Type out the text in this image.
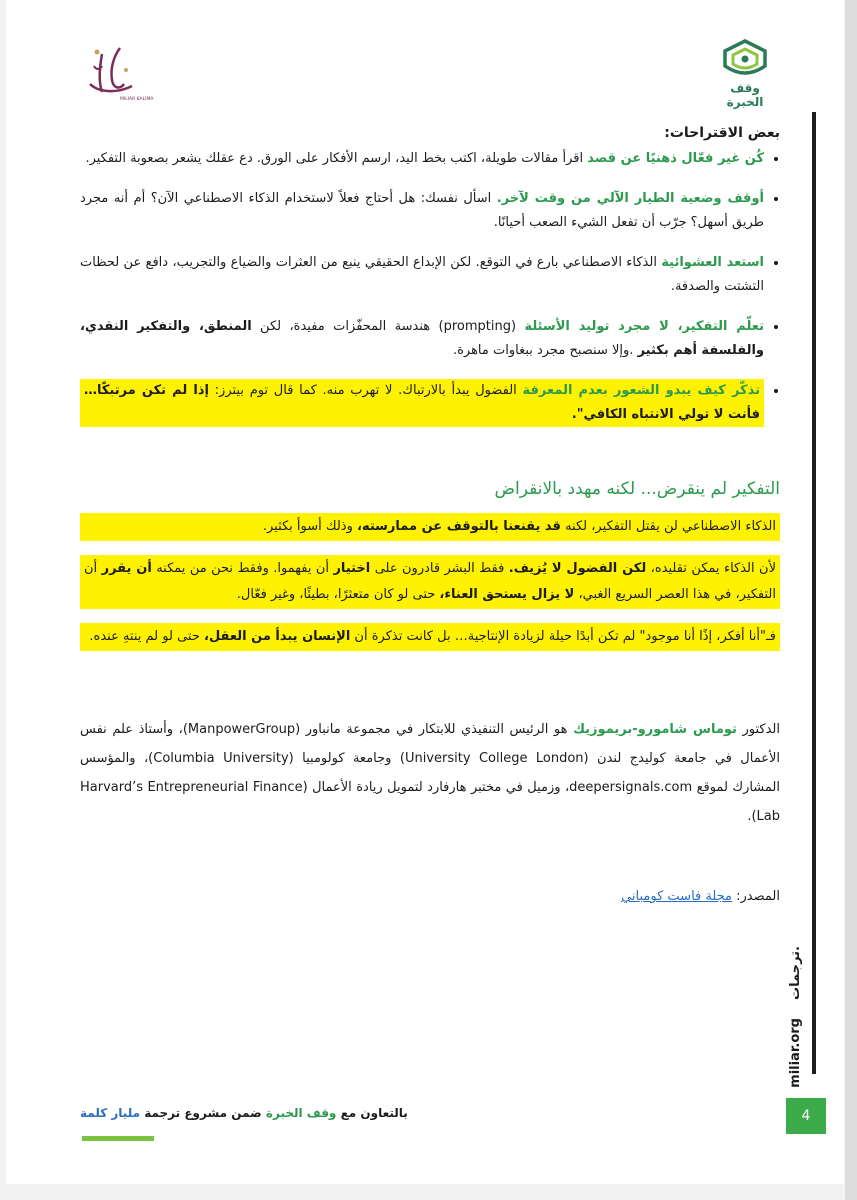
MILIAR KALIMA
وقف الخبرة
بعض الاقتراحات:
• كُن غير فعّال ذهنيًا عن قصد اقرأ مقالات طويلة، اكتب بخط اليد، ارسم الأفكار على الورق. دع عقلك يشعر بصعوبة التفكير.
• أوقف وضعية الطيار الآلي من وقت لآخر. اسأل نفسك: هل أحتاج فعلاً لاستخدام الذكاء الاصطناعي الآن؟ أم أنه مجرد طريق أسهل؟ جرّب أن تفعل الشيء الصعب أحيانًا.
• استعد العشوائية الذكاء الاصطناعي بارع في التوقع. لكن الإبداع الحقيقي ينبع من العثرات والضياع والتجريب، دافع عن لحظات التشتت والصدفة.
• تعلّم التفكير، لا مجرد توليد الأسئلة (prompting) هندسة المحفّزات مفيدة، لكن المنطق، والتفكير النقدي، والفلسفة أهم بكثير .وإلا سنصبح مجرد ببغاوات ماهرة.
• تذكّر كيف يبدو الشعور بعدم المعرفة الفضول يبدأ بالارتباك. لا تهرب منه. كما قال توم بيترز: إذا لم تكن مرتبكًا… فأنت لا تولي الانتباه الكافي".
التفكير لم ينقرض... لكنه مهدد بالانقراض

الذكاء الاصطناعي لن يقتل التفكير، لكنه قد يقنعنا بالتوقف عن ممارسته، وذلك أسوأ بكثير.

لأن الذكاء يمكن تقليده، لكن الفضول لا يُزيف. فقط البشر قادرون على اختيار أن يفهموا. وفقط نحن من يمكنه أن يقرر أن التفكير، في هذا العصر السريع الغبي، لا يزال يستحق العناء، حتى لو كان متعثرًا، بطيئًا، وغير فعّال.

فـ"أنا أفكر، إذًا أنا موجود" لم تكن أبدًا حيلة لزيادة الإنتاجية… بل كانت تذكرة أن الإنسان يبدأ من العقل، حتى لو لم ينتهِ عنده.

الدكتور توماس شامورو-بريموزيك هو الرئيس التنفيذي للابتكار في مجموعة مانباور (ManpowerGroup)، وأستاذ علم نفس الأعمال في جامعة كوليدج لندن (University College London) وجامعة كولومبيا (Columbia University)، والمؤسس المشارك لموقع deepersignals.com، وزميل في مختبر هارفارد لتمويل ريادة الأعمال (Harvard’s Entrepreneurial Finance Lab).
المصدر: مجلة فاست كومباني
بالتعاون مع وقف الخبرة ضمن مشروع ترجمة مليار كلمة
ترجمات.
miliar.org
4
